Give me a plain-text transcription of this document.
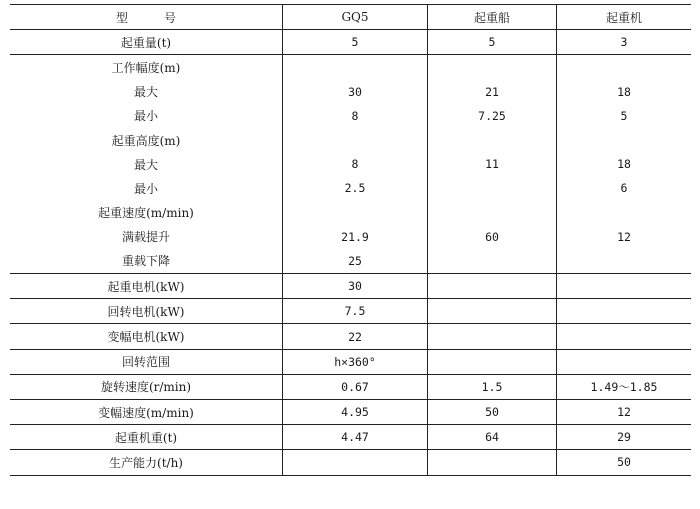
型号	GQ5	起重船	起重机
起重量(t)	5	5	3
工作幅度(m)			
最大	30	21	18
最小	8	7.25	5
起重高度(m)			
最大	8	11	18
最小	2.5		6
起重速度(m/min)			
满载提升	21.9	60	12
重载下降	25		
起重电机(kW)	30		
回转电机(kW)	7.5		
变幅电机(kW)	22		
回转范围	h×360°		
旋转速度(r/min)	0.67	1.5	1.49～1.85
变幅速度(m/min)	4.95	50	12
起重机重(t)	4.47	64	29
生产能力(t/h)			50
